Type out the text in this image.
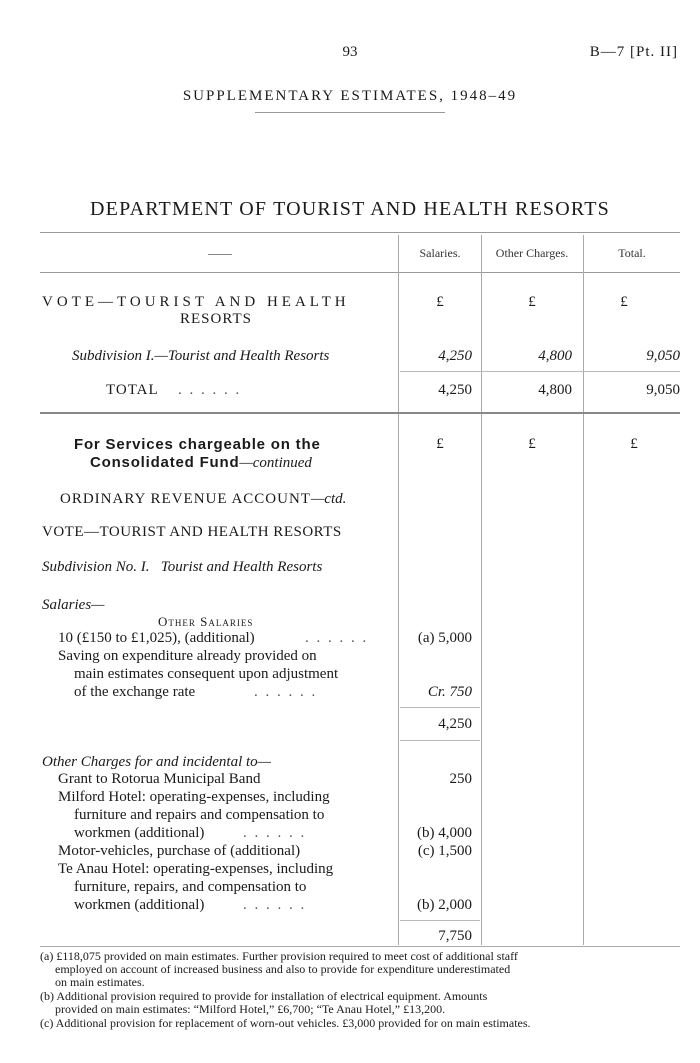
93	B—7 [Pt. II]
SUPPLEMENTARY ESTIMATES, 1948–49
DEPARTMENT OF TOURIST AND HEALTH RESORTS
——	Salaries.	Other Charges.	Total.
VOTE—TOURIST AND HEALTH
RESORTS
£	£	£
Subdivision I.—Tourist and Health Resorts	4,250	4,800	9,050
TOTAL . . . . . .	4,250	4,800	9,050
For Services chargeable on the
Consolidated Fund—continued
£	£	£
ORDINARY REVENUE ACCOUNT—ctd.
VOTE—TOURIST AND HEALTH RESORTS
Subdivision No. I.   Tourist and Health Resorts
Salaries—
Other Salaries
10 (£150 to £1,025), (additional)	. . . . . .	(a) 5,000
Saving on expenditure already provided on
main estimates consequent upon adjustment
of the exchange rate	. . . . . .	Cr. 750
4,250
Other Charges for and incidental to—
Grant to Rotorua Municipal Band	250
Milford Hotel: operating-expenses, including
furniture and repairs and compensation to
workmen (additional)	. . . . . .	(b) 4,000
Motor-vehicles, purchase of (additional)	(c) 1,500
Te Anau Hotel: operating-expenses, including
furniture, repairs, and compensation to
workmen (additional)	. . . . . .	(b) 2,000
7,750
(a) £118,075 provided on main estimates. Further provision required to meet cost of additional staff
employed on account of increased business and also to provide for expenditure underestimated
on main estimates.
(b) Additional provision required to provide for installation of electrical equipment. Amounts
provided on main estimates: “Milford Hotel,” £6,700; “Te Anau Hotel,” £13,200.
(c) Additional provision for replacement of worn-out vehicles. £3,000 provided for on main estimates.
